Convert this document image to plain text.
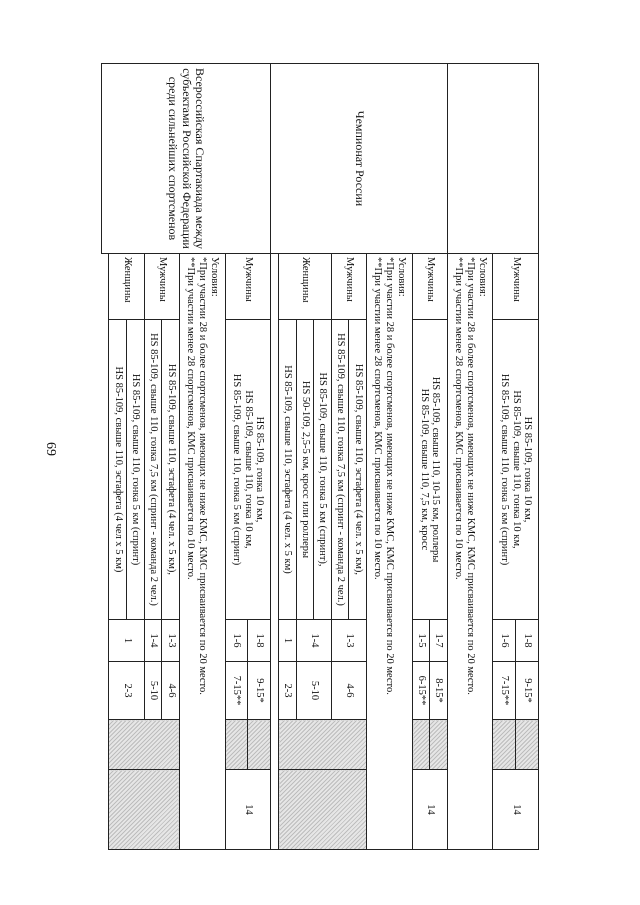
69
	Мужчины	HS 85-109, гонка 10 км,
HS 85-109, свыше 110, гонка 10 км,
HS 85-109, свыше 110, гонка 5 км (спринт)	1-8	9-15*		14
			1-6	7-15**		

	Условия:
*При участии 28 и более спортсменов, имеющих не ниже КМС, КМС присваивается по 20 место.
**При участии менее 28 спортсменов, КМС присваивается по 10 место.					

Чемпионат России	Мужчины	HS 85-109, свыше 110, 10-15 км, роллеры
HS 85-109, свыше 110, 7,5 км, кросс	1-7	8-15*		14
			1-5	6-15**		

	Условия:
*При участии 28 и более спортсменов, имеющих не ниже КМС, КМС присваивается по 20 место.
**При участии менее 28 спортсменов, КМС присваивается по 10 место.					

	Мужчины	HS 85-109, свыше 110, эстафета (4 чел. x 5 км),	1-3	4-6		
		HS 85-109, свыше 110, гонка 7,5 км (спринт - команда 2 чел.)				
	Женщины	HS 85-109, свыше 110, гонка 5 км (спринт),	1-4	5-10		
		HS 50-109, 2,5-5 км, кросс или роллеры				
		HS 85-109, свыше 110, эстафета (4 чел. x 5 км)	1	2-3		

Всероссийская Спартакиада между субъектами Российской Федерации среди сильнейших спортсменов	Мужчины	HS 85-109, гонка 10 км,
HS 85-109, свыше 110, гонка 10 км,
HS 85-109, свыше 110, гонка 5 км (спринт)	1-8	9-15*		14
			1-6	7-15**		

	Условия:
*При участии 28 и более спортсменов, имеющих не ниже КМС, КМС присваивается по 20 место.
**При участии менее 28 спортсменов, КМС присваивается по 10 место.					

	Мужчины	HS 85-109, свыше 110, эстафета (4 чел. x 5 км),	1-3	4-6		
		HS 85-109, свыше 110, гонка 7,5 км (спринт - команда 2 чел.)	1-4	5-10		
	Женщины	HS 85-109, свыше 110, гонка 5 км (спринт)	1	2-3		
		HS 85-109, свыше 110, эстафета (4 чел x 5 км)				
